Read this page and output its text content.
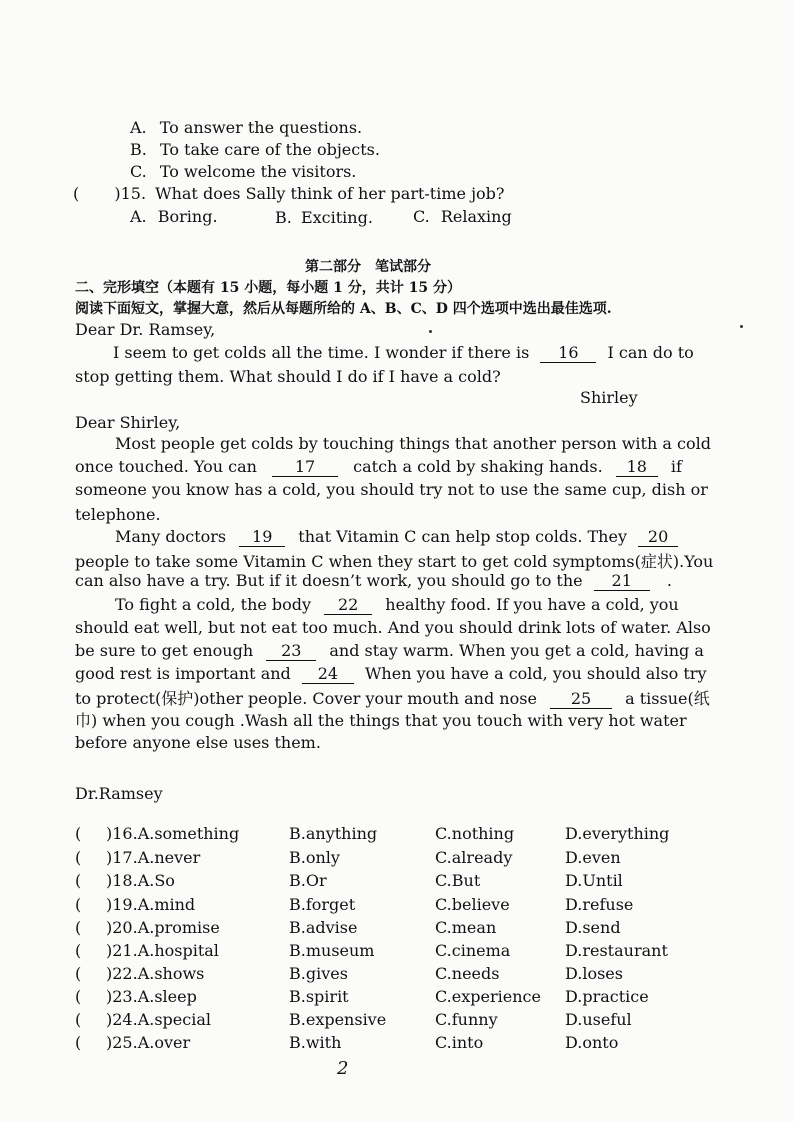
A. To answer the questions.
B. To take care of the objects.
C. To welcome the visitors.
( )15. What does Sally think of her part-time job?
A. Boring.	B. Exciting.	C. Relaxing
第二部分　笔试部分
二、完形填空（本题有 15 小题，每小题 1 分，共计 15 分）
阅读下面短文，掌握大意，然后从每题所给的 A、B、C、D 四个选项中选出最佳选项.
Dear Dr. Ramsey,
I seem to get colds all the time. I wonder if there is 16 I can do to
stop getting them. What should I do if I have a cold?
Shirley
Dear Shirley,
Most people get colds by touching things that another person with a cold
once touched. You can 17 catch a cold by shaking hands. 18 if
someone you know has a cold, you should try not to use the same cup, dish or
telephone.
Many doctors 19 that Vitamin C can help stop colds. They 20
people to take some Vitamin C when they start to get cold symptoms(症状).You
can also have a try. But if it doesn’t work, you should go to the 21 .
To fight a cold, the body 22 healthy food. If you have a cold, you
should eat well, but not eat too much. And you should drink lots of water. Also
be sure to get enough 23 and stay warm. When you get a cold, having a
good rest is important and 24 When you have a cold, you should also try
to protect(保护)other people. Cover your mouth and nose 25 a tissue(纸
巾) when you cough .Wash all the things that you touch with very hot water
before anyone else uses them.
Dr.Ramsey
( )16.A.something	B.anything	C.nothing	D.everything
( )17.A.never	B.only	C.already	D.even
( )18.A.So	B.Or	C.But	D.Until
( )19.A.mind	B.forget	C.believe	D.refuse
( )20.A.promise	B.advise	C.mean	D.send
( )21.A.hospital	B.museum	C.cinema	D.restaurant
( )22.A.shows	B.gives	C.needs	D.loses
( )23.A.sleep	B.spirit	C.experience D.practice
( )24.A.special	B.expensive	C.funny	D.useful
( )25.A.over	B.with	C.into	D.onto
2
